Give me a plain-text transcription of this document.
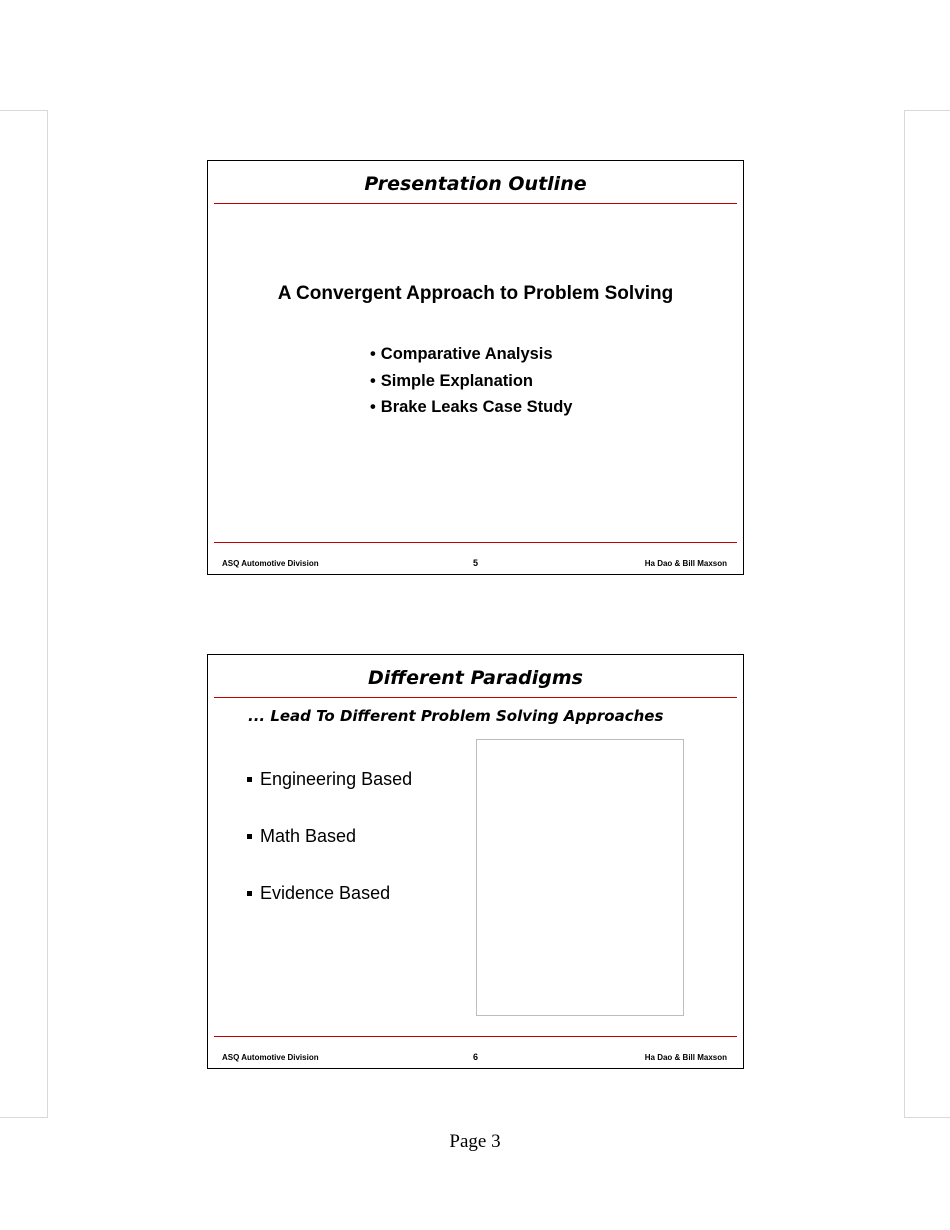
Presentation Outline
A Convergent Approach to Problem Solving
• Comparative Analysis
• Simple Explanation
• Brake Leaks Case Study
ASQ Automotive Division	5	Ha Dao & Bill Maxson
Different Paradigms
... Lead To Different Problem Solving Approaches
Engineering Based
Math Based
Evidence Based
ASQ Automotive Division	6	Ha Dao & Bill Maxson
Page 3
